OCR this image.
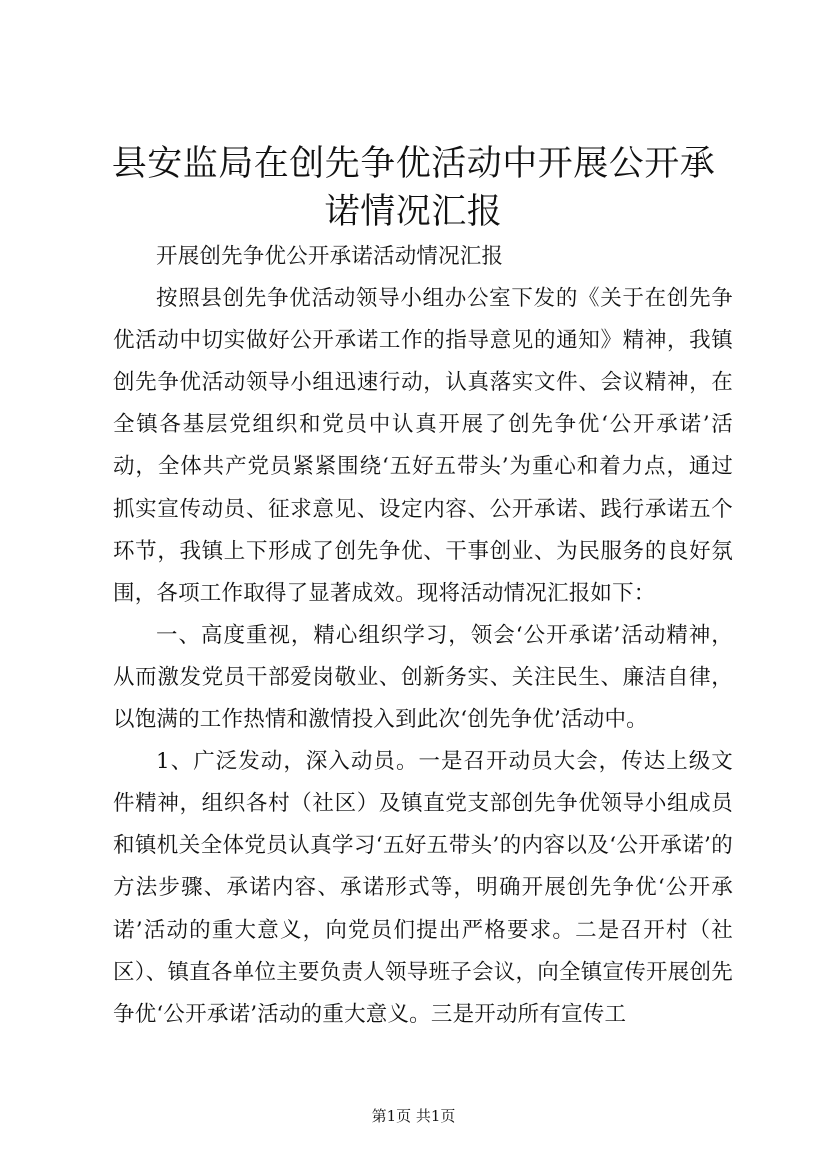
县安监局在创先争优活动中开展公开承诺情况汇报

开展创先争优公开承诺活动情况汇报

按照县创先争优活动领导小组办公室下发的《关于在创先争优活动中切实做好公开承诺工作的指导意见的通知》精神，我镇创先争优活动领导小组迅速行动，认真落实文件、会议精神，在全镇各基层党组织和党员中认真开展了创先争优‘公开承诺’活动，全体共产党员紧紧围绕‘五好五带头’为重心和着力点，通过抓实宣传动员、征求意见、设定内容、公开承诺、践行承诺五个环节，我镇上下形成了创先争优、干事创业、为民服务的良好氛围，各项工作取得了显著成效。现将活动情况汇报如下：

一、高度重视，精心组织学习，领会‘公开承诺’活动精神，从而激发党员干部爱岗敬业、创新务实、关注民生、廉洁自律，以饱满的工作热情和激情投入到此次‘创先争优’活动中。

1、广泛发动，深入动员。一是召开动员大会，传达上级文件精神，组织各村（社区）及镇直党支部创先争优领导小组成员和镇机关全体党员认真学习‘五好五带头’的内容以及‘公开承诺’的方法步骤、承诺内容、承诺形式等，明确开展创先争优‘公开承诺’活动的重大意义，向党员们提出严格要求。二是召开村（社区）、镇直各单位主要负责人领导班子会议，向全镇宣传开展创先争优‘公开承诺’活动的重大意义。三是开动所有宣传工

第1页 共1页
